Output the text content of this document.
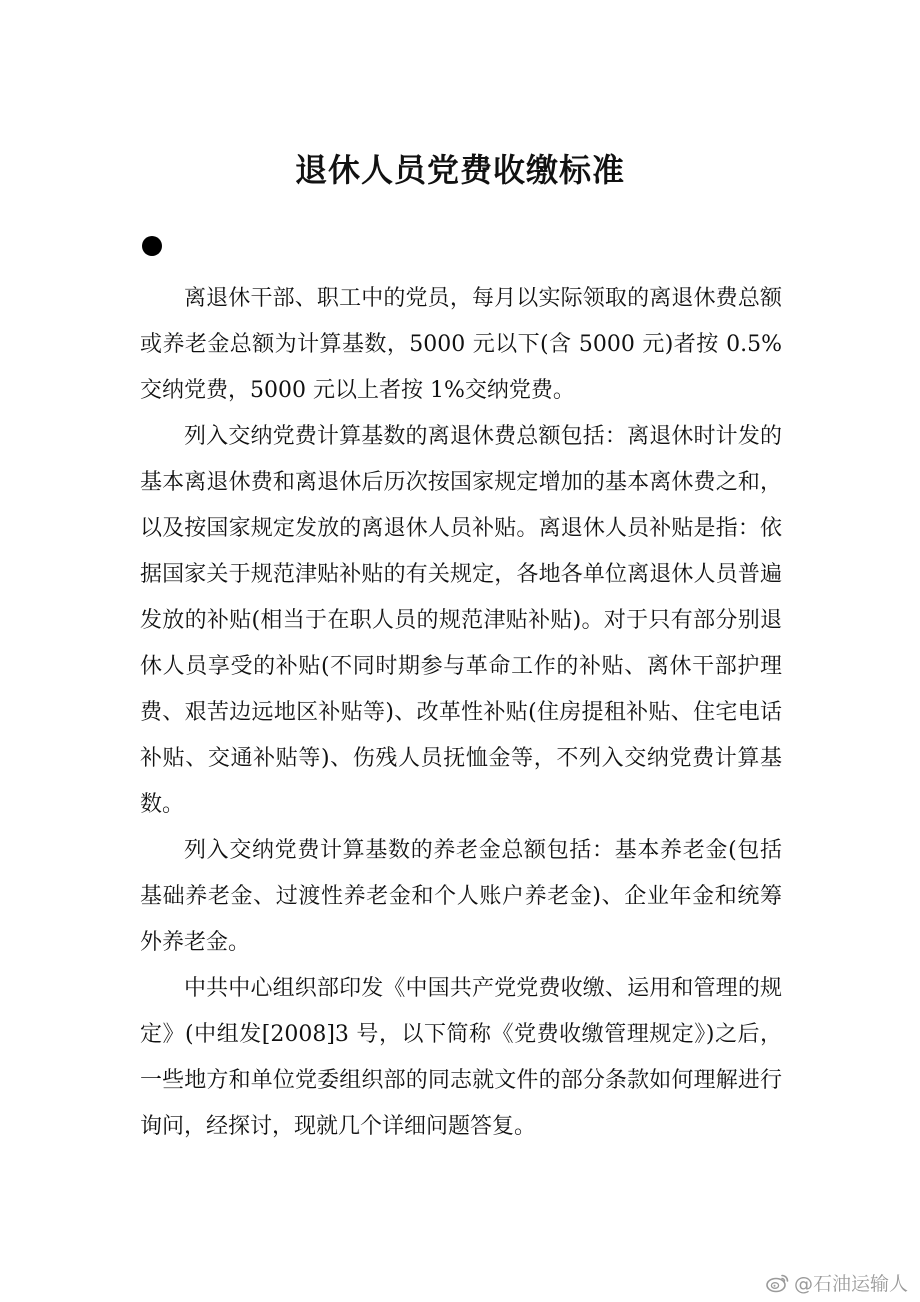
退休人员党费收缴标准

离退休干部、职工中的党员，每月以实际领取的离退休费总额或养老金总额为计算基数，5000 元以下(含 5000 元)者按 0.5%交纳党费，5000 元以上者按 1%交纳党费。

列入交纳党费计算基数的离退休费总额包括：离退休时计发的基本离退休费和离退休后历次按国家规定增加的基本离休费之和，以及按国家规定发放的离退休人员补贴。离退休人员补贴是指：依据国家关于规范津贴补贴的有关规定，各地各单位离退休人员普遍发放的补贴(相当于在职人员的规范津贴补贴)。对于只有部分别退休人员享受的补贴(不同时期参与革命工作的补贴、离休干部护理费、艰苦边远地区补贴等)、改革性补贴(住房提租补贴、住宅电话补贴、交通补贴等)、伤残人员抚恤金等，不列入交纳党费计算基数。

列入交纳党费计算基数的养老金总额包括：基本养老金(包括基础养老金、过渡性养老金和个人账户养老金)、企业年金和统筹外养老金。

中共中心组织部印发《中国共产党党费收缴、运用和管理的规定》(中组发[2008]3 号，以下简称《党费收缴管理规定》)之后，一些地方和单位党委组织部的同志就文件的部分条款如何理解进行询问，经探讨，现就几个详细问题答复。

@石油运输人
